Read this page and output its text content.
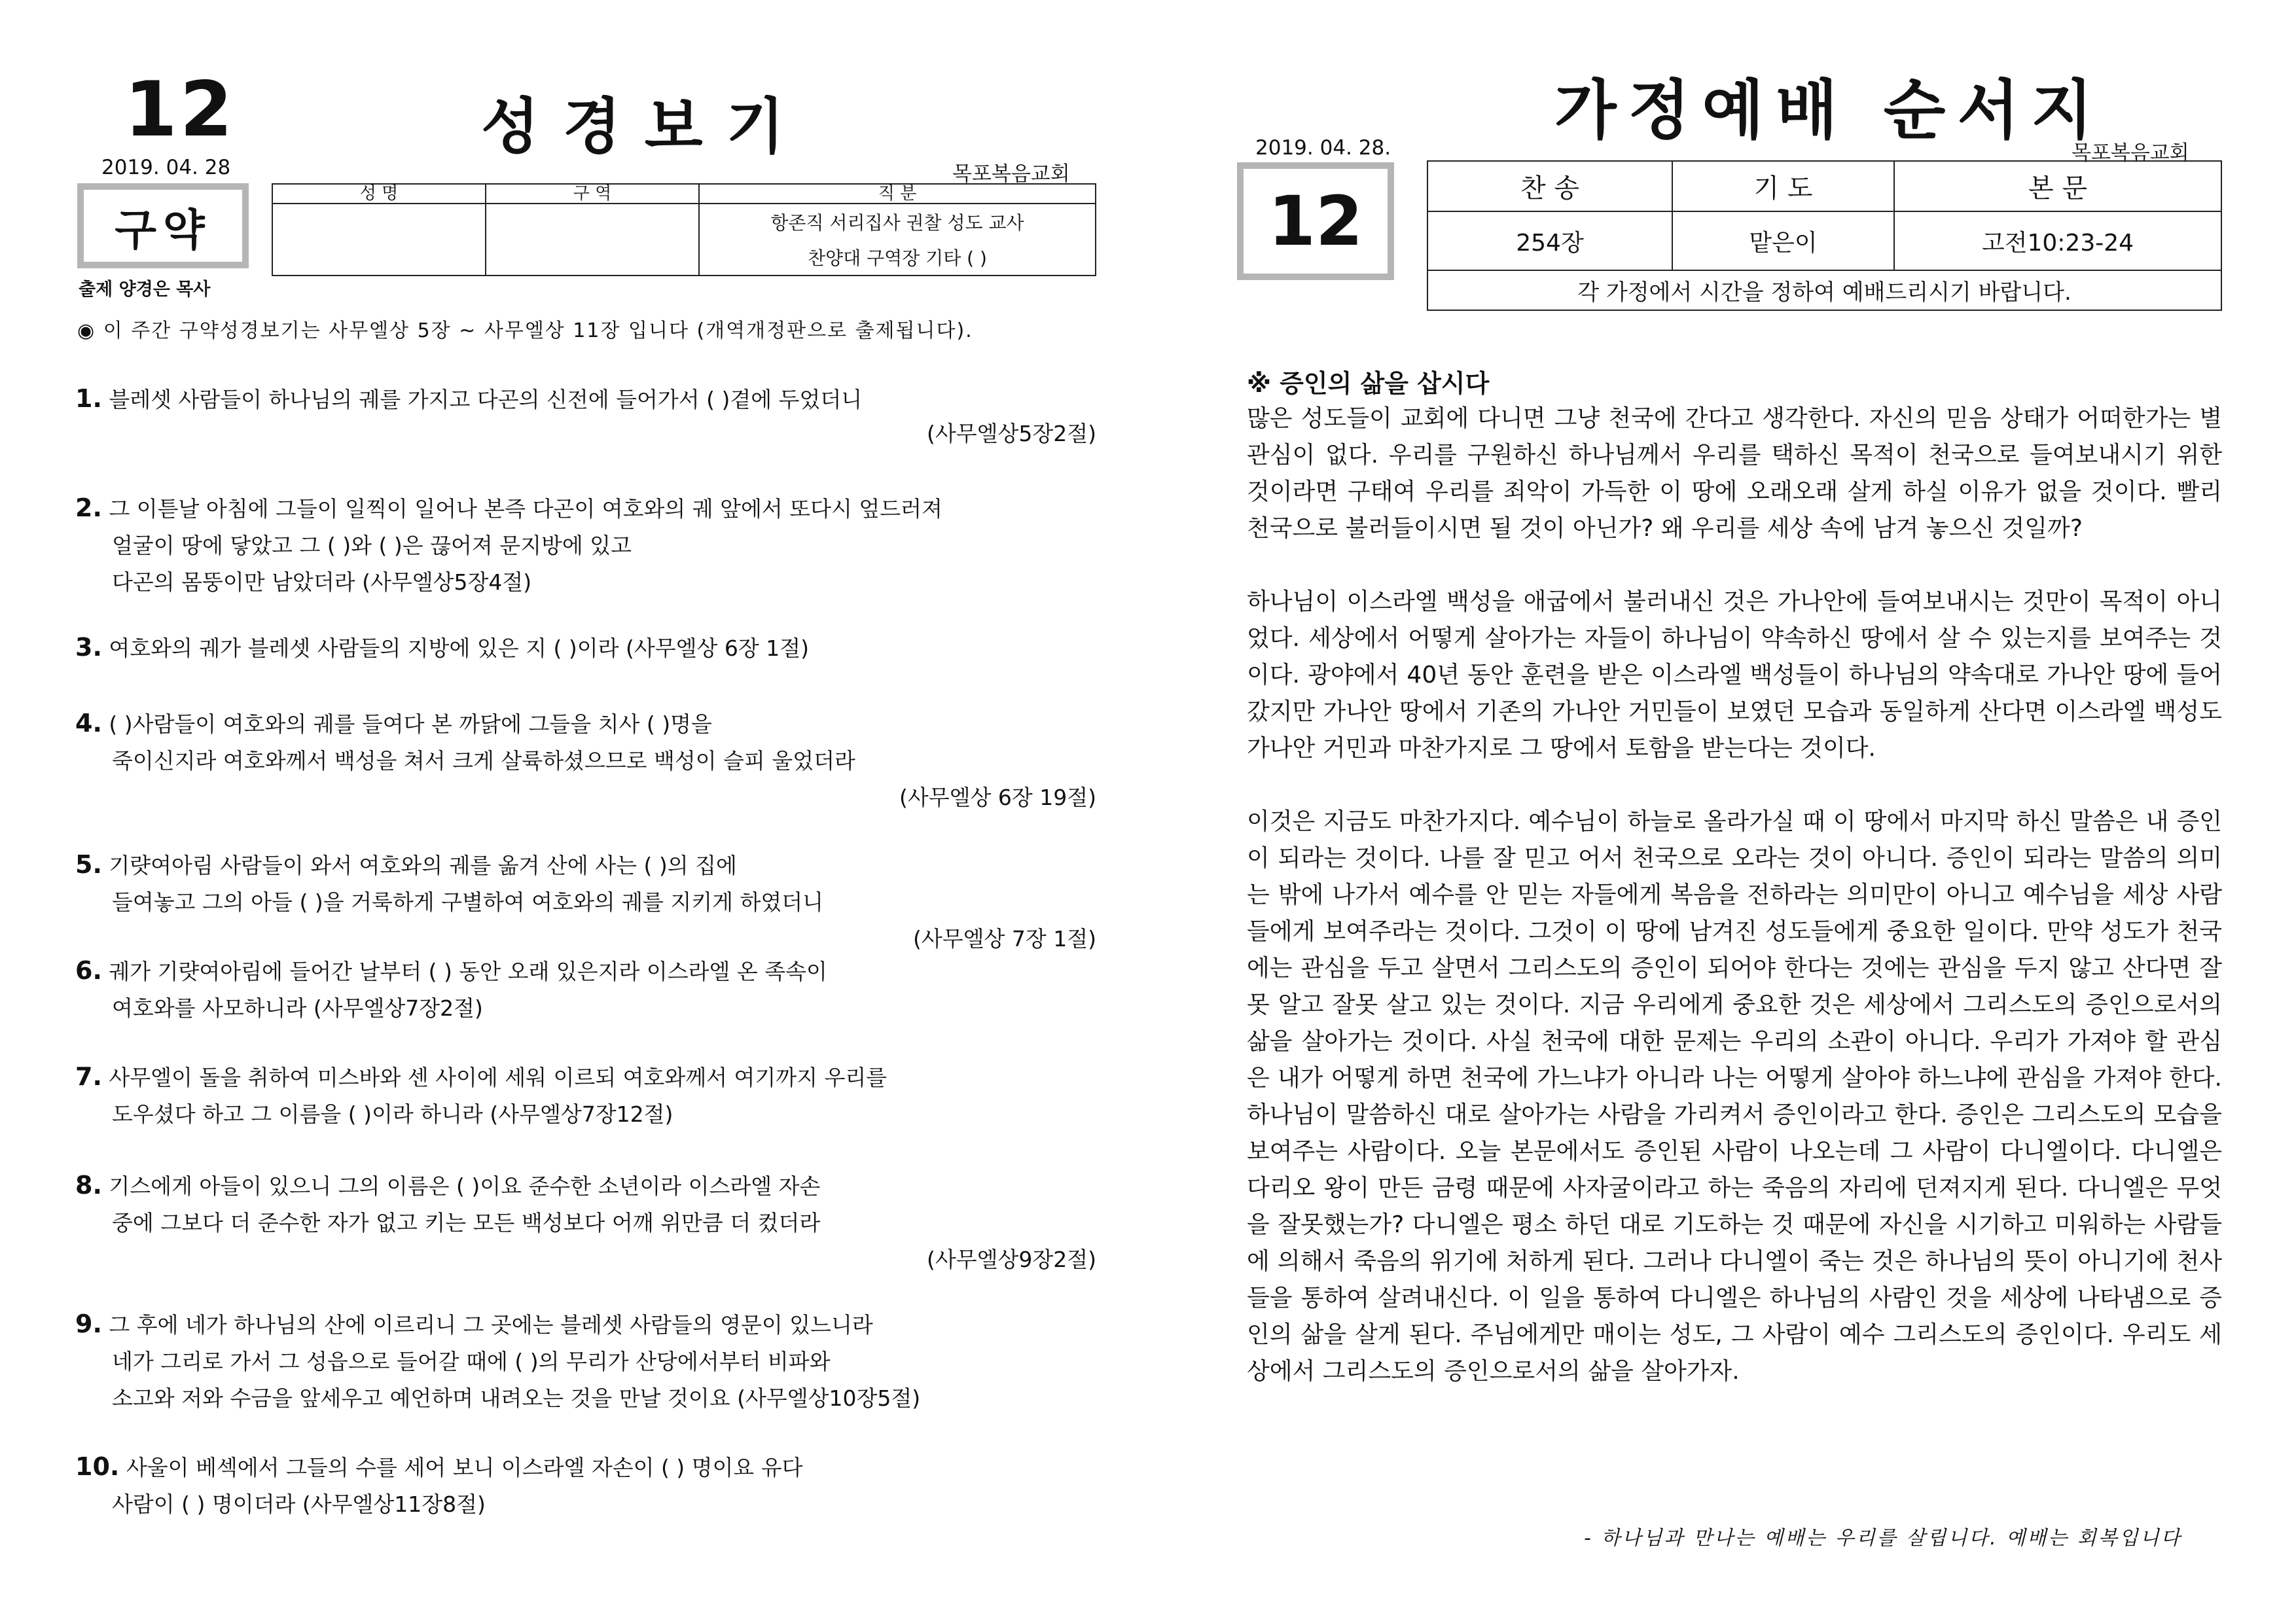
12	성경보기
2019. 04. 28	목포복음교회
구약
출제 양경은 목사
성 명	구 역	직 분
		항존직 서리집사 권찰 성도 교사
		찬양대 구역장 기타 ( )
◉ 이 주간 구약성경보기는 사무엘상 5장 ~ 사무엘상 11장 입니다 (개역개정판으로 출제됩니다).
1. 블레셋 사람들이 하나님의 궤를 가지고 다곤의 신전에 들어가서 ( )곁에 두었더니
(사무엘상5장2절)
2. 그 이튿날 아침에 그들이 일찍이 일어나 본즉 다곤이 여호와의 궤 앞에서 또다시 엎드러져
얼굴이 땅에 닿았고 그 ( )와 ( )은 끊어져 문지방에 있고
다곤의 몸뚱이만 남았더라 (사무엘상5장4절)
3. 여호와의 궤가 블레셋 사람들의 지방에 있은 지 ( )이라 (사무엘상 6장 1절)
4. ( )사람들이 여호와의 궤를 들여다 본 까닭에 그들을 치사 ( )명을
죽이신지라 여호와께서 백성을 쳐서 크게 살륙하셨으므로 백성이 슬피 울었더라
(사무엘상 6장 19절)
5. 기럇여아림 사람들이 와서 여호와의 궤를 옮겨 산에 사는 ( )의 집에
들여놓고 그의 아들 ( )을 거룩하게 구별하여 여호와의 궤를 지키게 하였더니
(사무엘상 7장 1절)
6. 궤가 기럇여아림에 들어간 날부터 ( ) 동안 오래 있은지라 이스라엘 온 족속이
여호와를 사모하니라 (사무엘상7장2절)
7. 사무엘이 돌을 취하여 미스바와 센 사이에 세워 이르되 여호와께서 여기까지 우리를
도우셨다 하고 그 이름을 ( )이라 하니라 (사무엘상7장12절)
8. 기스에게 아들이 있으니 그의 이름은 ( )이요 준수한 소년이라 이스라엘 자손
중에 그보다 더 준수한 자가 없고 키는 모든 백성보다 어깨 위만큼 더 컸더라
(사무엘상9장2절)
9. 그 후에 네가 하나님의 산에 이르리니 그 곳에는 블레셋 사람들의 영문이 있느니라
네가 그리로 가서 그 성읍으로 들어갈 때에 ( )의 무리가 산당에서부터 비파와
소고와 저와 수금을 앞세우고 예언하며 내려오는 것을 만날 것이요 (사무엘상10장5절)
10. 사울이 베섹에서 그들의 수를 세어 보니 이스라엘 자손이 ( ) 명이요 유다
사람이 ( ) 명이더라 (사무엘상11장8절)
가정예배 순서지
2019. 04. 28.	목포복음교회
12	찬 송	기 도	본 문
254장	맡은이	고전10:23-24
각 가정에서 시간을 정하여 예배드리시기 바랍니다.		
※ 증인의 삶을 삽시다

많은 성도들이 교회에 다니면 그냥 천국에 간다고 생각한다. 자신의 믿음 상태가 어떠한가는 별 관심이 없다. 우리를 구원하신 하나님께서 우리를 택하신 목적이 천국으로 들여보내시기 위한 것이라면 구태여 우리를 죄악이 가득한 이 땅에 오래오래 살게 하실 이유가 없을 것이다. 빨리 천국으로 불러들이시면 될 것이 아닌가? 왜 우리를 세상 속에 남겨 놓으신 것일까?

하나님이 이스라엘 백성을 애굽에서 불러내신 것은 가나안에 들여보내시는 것만이 목적이 아니었다. 세상에서 어떻게 살아가는 자들이 하나님이 약속하신 땅에서 살 수 있는지를 보여주는 것이다. 광야에서 40년 동안 훈련을 받은 이스라엘 백성들이 하나님의 약속대로 가나안 땅에 들어갔지만 가나안 땅에서 기존의 가나안 거민들이 보였던 모습과 동일하게 산다면 이스라엘 백성도 가나안 거민과 마찬가지로 그 땅에서 토함을 받는다는 것이다.

이것은 지금도 마찬가지다. 예수님이 하늘로 올라가실 때 이 땅에서 마지막 하신 말씀은 내 증인이 되라는 것이다. 나를 잘 믿고 어서 천국으로 오라는 것이 아니다. 증인이 되라는 말씀의 의미는 밖에 나가서 예수를 안 믿는 자들에게 복음을 전하라는 의미만이 아니고 예수님을 세상 사람들에게 보여주라는 것이다. 그것이 이 땅에 남겨진 성도들에게 중요한 일이다. 만약 성도가 천국에는 관심을 두고 살면서 그리스도의 증인이 되어야 한다는 것에는 관심을 두지 않고 산다면 잘못 알고 잘못 살고 있는 것이다. 지금 우리에게 중요한 것은 세상에서 그리스도의 증인으로서의 삶을 살아가는 것이다. 사실 천국에 대한 문제는 우리의 소관이 아니다. 우리가 가져야 할 관심은 내가 어떻게 하면 천국에 가느냐가 아니라 나는 어떻게 살아야 하느냐에 관심을 가져야 한다. 하나님이 말씀하신 대로 살아가는 사람을 가리켜서 증인이라고 한다. 증인은 그리스도의 모습을 보여주는 사람이다. 오늘 본문에서도 증인된 사람이 나오는데 그 사람이 다니엘이다. 다니엘은 다리오 왕이 만든 금령 때문에 사자굴이라고 하는 죽음의 자리에 던져지게 된다. 다니엘은 무엇을 잘못했는가? 다니엘은 평소 하던 대로 기도하는 것 때문에 자신을 시기하고 미워하는 사람들에 의해서 죽음의 위기에 처하게 된다. 그러나 다니엘이 죽는 것은 하나님의 뜻이 아니기에 천사들을 통하여 살려내신다. 이 일을 통하여 다니엘은 하나님의 사람인 것을 세상에 나타냄으로 증인의 삶을 살게 된다. 주님에게만 매이는 성도, 그 사람이 예수 그리스도의 증인이다. 우리도 세상에서 그리스도의 증인으로서의 삶을 살아가자.

- 하나님과 만나는 예배는 우리를 살립니다. 예배는 회복입니다
